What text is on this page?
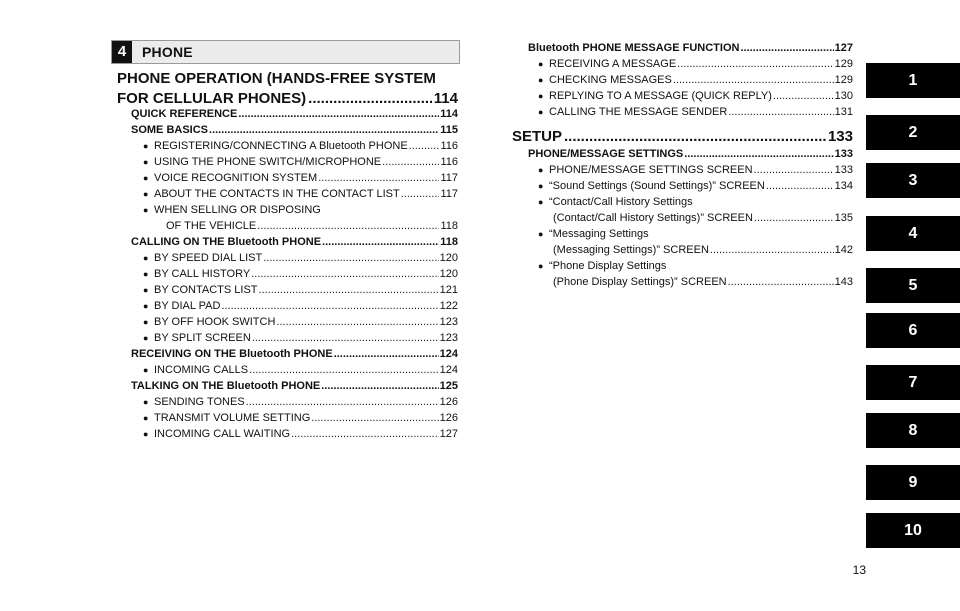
4	PHONE
PHONE OPERATION (HANDS-FREE SYSTEM
FOR CELLULAR PHONES) .....	114
QUICK REFERENCE .....	114
SOME BASICS .....	115
● REGISTERING/CONNECTING A Bluetooth PHONE .....	116
● USING THE PHONE SWITCH/MICROPHONE .....	116
● VOICE RECOGNITION SYSTEM .....	117
● ABOUT THE CONTACTS IN THE CONTACT LIST .....	117
● WHEN SELLING OR DISPOSING
OF THE VEHICLE .....	118
CALLING ON THE Bluetooth PHONE .....	118
● BY SPEED DIAL LIST .....	120
● BY CALL HISTORY .....	120
● BY CONTACTS LIST .....	121
● BY DIAL PAD .....	122
● BY OFF HOOK SWITCH .....	123
● BY SPLIT SCREEN .....	123
RECEIVING ON THE Bluetooth PHONE .....	124
● INCOMING CALLS .....	124
TALKING ON THE Bluetooth PHONE .....	125
● SENDING TONES .....	126
● TRANSMIT VOLUME SETTING .....	126
● INCOMING CALL WAITING .....	127
Bluetooth PHONE MESSAGE FUNCTION .....	127
● RECEIVING A MESSAGE .....	129
● CHECKING MESSAGES .....	129
● REPLYING TO A MESSAGE (QUICK REPLY) .....	130
● CALLING THE MESSAGE SENDER .....	131
SETUP .....	133
PHONE/MESSAGE SETTINGS .....	133
● PHONE/MESSAGE SETTINGS SCREEN .....	133
● “Sound Settings (Sound Settings)” SCREEN .....	134
● “Contact/Call History Settings
(Contact/Call History Settings)” SCREEN .....	135
● “Messaging Settings
(Messaging Settings)” SCREEN .....	142
● “Phone Display Settings
(Phone Display Settings)” SCREEN .....	143
1
2
3
4
5
6
7
8
9
10
13
